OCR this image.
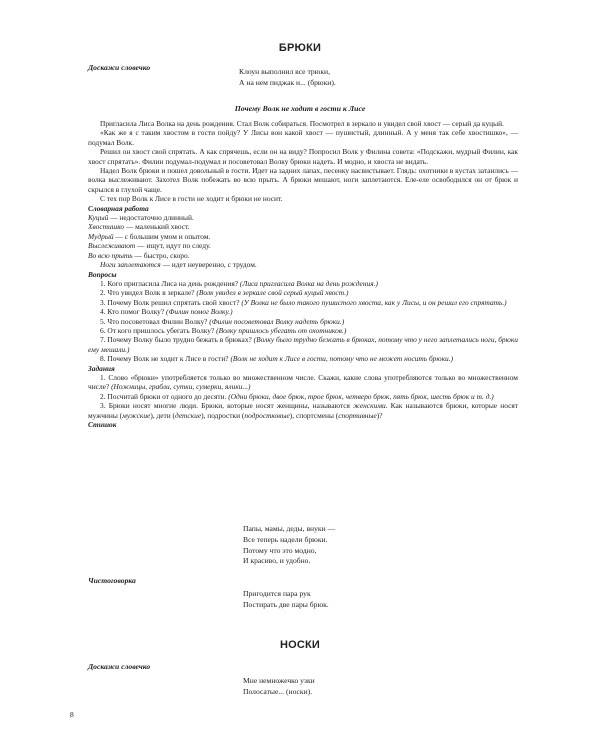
БРЮКИ
Доскажи словечко	Клоун выполнил все трюки,
А на нем пиджак и... (брюки).
Почему Волк не ходит в гости к Лисе

Пригласила Лиса Волка на день рождения. Стал Волк собираться. Посмотрел в зеркало и увидел свой хвост — серый да куцый.

«Как же я с таким хвостом в гости пойду? У Лисы вон какой хвост — пушистый, длинный. А у меня так себе хвостишко», — подумал Волк.

Решил он хвост свой спрятать. А как спрячешь, если он на виду? Попросил Волк у Филина совета: «Подскажи, мудрый Филин, как хвост спрятать». Филин подумал-подумал и посоветовал Волку брюки надеть. И модно, и хвоста не видать.

Надел Волк брюки и пошел довольный в гости. Идет на задних лапах, песенку насвистывает. Глядь: охотники в кустах затаились — волка выслеживают. Захотел Волк побежать во всю прыть. А брюки мешают, ноги заплетаются. Еле-еле освободился он от брюк и скрылся в глухой чаще.

С тех пор Волк к Лисе в гости не ходит и брюки не носит.

Словарная работа

Куцый — недостаточно длинный.

Хвостишко — маленький хвост.

Мудрый — с большим умом и опытом.

Выслеживают — ищут, идут по следу.

Во всю прыть — быстро, скоро.

Ноги заплетаются — идет неуверенно, с трудом.

Вопросы

1. Кого пригласила Лиса на день рождения? (Лиса пригласила Волка на день рождения.)

2. Что увидел Волк в зеркале? (Волк увидел в зеркале свой серый куцый хвост.)

3. Почему Волк решил спрятать свой хвост? (У Волка не было такого пушистого хвоста, как у Лисы, и он решил его спрятать.)

4. Кто помог Волку? (Филин помог Волку.)

5. Что посоветовал Филин Волку? (Филин посоветовал Волку надеть брюки.)

6. От кого пришлось убегать Волку? (Волку пришлось убегать от охотников.)

7. Почему Волку было трудно бежать в брюках? (Волку было трудно бежать в брюках, потому что у него заплетались ноги, брюки ему мешали.)

8. Почему Волк не ходит к Лисе в гости? (Волк не ходит к Лисе в гости, потому что не может носить брюки.)

Задания

1. Слово «брюки» употребляется только во множественном числе. Скажи, какие слова употребляются только во множественном числе? (Ножницы, грабли, сутки, сумерки, ялики...)

2. Посчитай брюки от одного до десяти. (Одни брюки, двое брюк, трое брюк, четверо брюк, пять брюк, шесть брюк и т. д.)

3. Брюки носят многие люди. Брюки, которые носят женщины, называются женскими. Как называются брюки, которые носят мужчины (мужские), дети (детские), подростки (подростковые), спортсмены (спортивные)?

Стишок

Папы, мамы, деды, внуки —
Все теперь надели брюки.
Потому что это модно,
И красиво, и удобно.
Чистоговорка
Пригодится пара рук
Постирать две пары брюк.
НОСКИ
Доскажи словечко
Мне немножечко узки
Полосатые... (носки).
8
